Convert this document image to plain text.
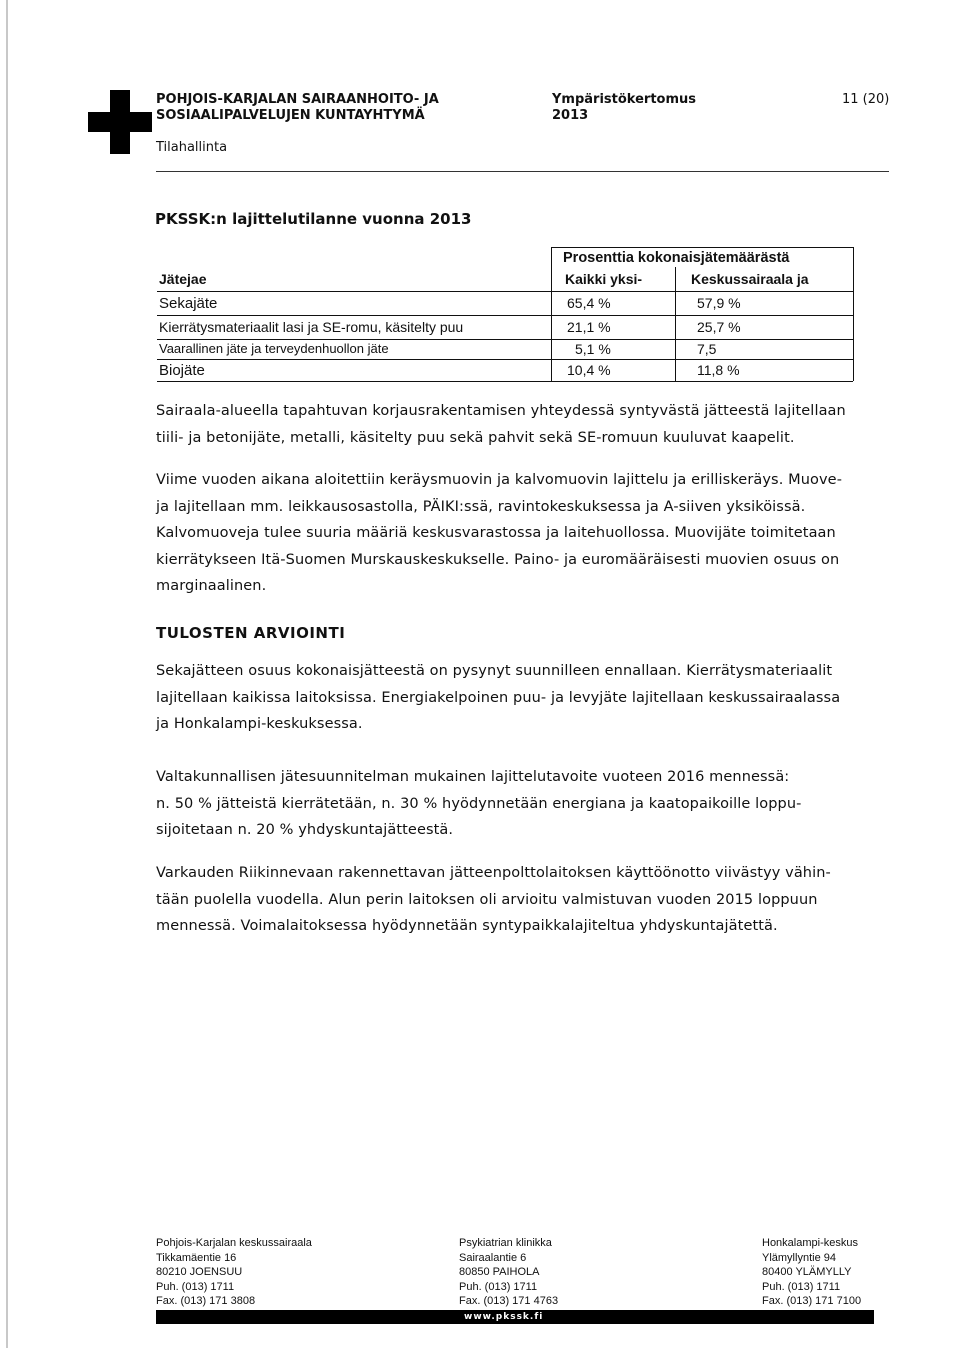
POHJOIS-KARJALAN SAIRAANHOITO- JA
SOSIAALIPALVELUJEN KUNTAYHTYMÄ
Ympäristökertomus
2013
11 (20)
Tilahallinta
PKSSK:n lajittelutilanne vuonna 2013
Prosenttia kokonaisjätemäärästä
Jätejae	Kaikki yksi-	Keskussairaala ja
Sekajäte	65,4 %	57,9 %
Kierrätysmateriaalit lasi ja SE-romu, käsitelty puu	21,1 %	25,7 %
Vaarallinen jäte ja terveydenhuollon jäte	5,1 %	7,5
Biojäte	10,4 %	11,8 %
Sairaala-alueella tapahtuvan korjausrakentamisen yhteydessä syntyvästä jätteestä lajitellaan
tiili- ja betonijäte, metalli, käsitelty puu sekä pahvit sekä SE-romuun kuuluvat kaapelit.
Viime vuoden aikana aloitettiin keräysmuovin ja kalvomuovin lajittelu ja erilliskeräys. Muove-
ja lajitellaan mm. leikkausosastolla, PÄIKI:ssä, ravintokeskuksessa ja A-siiven yksiköissä.
Kalvomuoveja tulee suuria määriä keskusvarastossa ja laitehuollossa. Muovijäte toimitetaan
kierrätykseen Itä-Suomen Murskauskeskukselle. Paino- ja euromääräisesti muovien osuus on
marginaalinen.
TULOSTEN ARVIOINTI
Sekajätteen osuus kokonaisjätteestä on pysynyt suunnilleen ennallaan. Kierrätysmateriaalit
lajitellaan kaikissa laitoksissa. Energiakelpoinen puu- ja levyjäte lajitellaan keskussairaalassa
ja Honkalampi-keskuksessa.
Valtakunnallisen jätesuunnitelman mukainen lajittelutavoite vuoteen 2016 mennessä:
n. 50 % jätteistä kierrätetään, n. 30 % hyödynnetään energiana ja kaatopaikoille loppu-
sijoitetaan n. 20 % yhdyskuntajätteestä.
Varkauden Riikinnevaan rakennettavan jätteenpolttolaitoksen käyttöönotto viivästyy vähin-
tään puolella vuodella. Alun perin laitoksen oli arvioitu valmistuvan vuoden 2015 loppuun
mennessä. Voimalaitoksessa hyödynnetään syntypaikkalajiteltua yhdyskuntajätettä.
Pohjois-Karjalan keskussairaala
Tikkamäentie 16
80210 JOENSUU
Puh. (013) 1711
Fax. (013) 171 3808
Psykiatrian klinikka
Sairaalantie 6
80850 PAIHOLA
Puh. (013) 1711
Fax. (013) 171 4763
Honkalampi-keskus
Ylämyllyntie 94
80400 YLÄMYLLY
Puh. (013) 1711
Fax. (013) 171 7100
www.pkssk.fi
